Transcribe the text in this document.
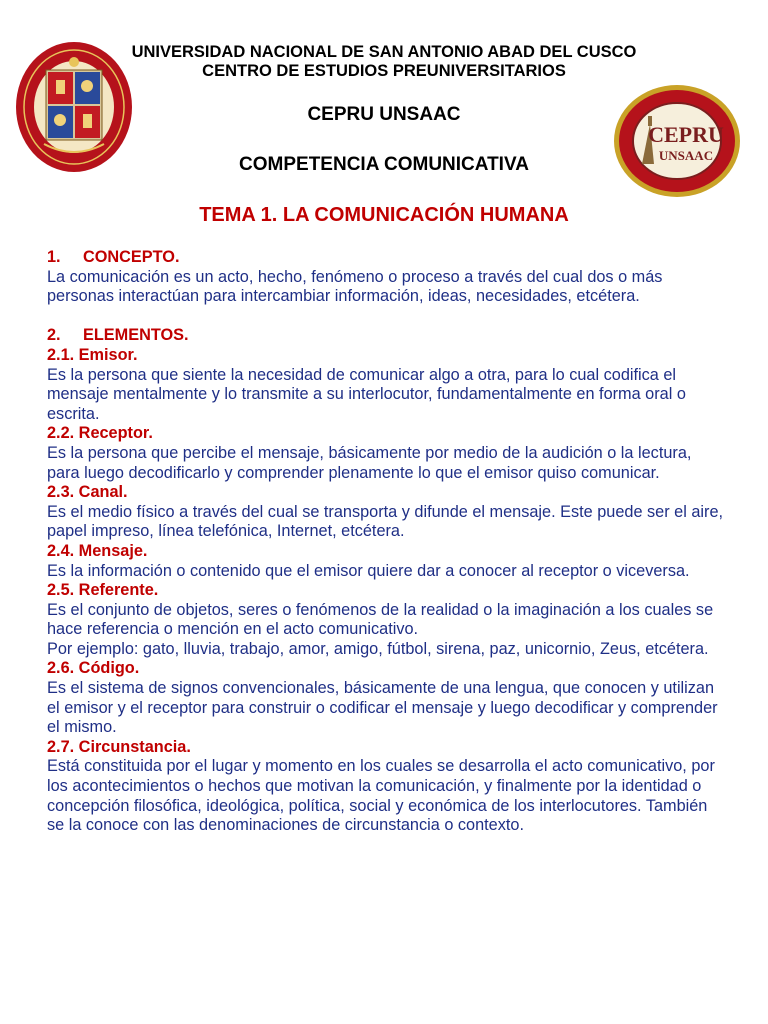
CEPRU
UNSAAC
UNIVERSIDAD NACIONAL DE SAN ANTONIO ABAD DEL CUSCO
CENTRO DE ESTUDIOS PREUNIVERSITARIOS
CEPRU UNSAAC
COMPETENCIA COMUNICATIVA
TEMA 1. LA COMUNICACIÓN HUMANA
1. CONCEPTO.
La comunicación es un acto, hecho, fenómeno o proceso a través del cual dos o más personas interactúan para intercambiar información, ideas, necesidades, etcétera.
2. ELEMENTOS.
2.1. Emisor.
Es la persona que siente la necesidad de comunicar algo a otra, para lo cual codifica el mensaje mentalmente y lo transmite a su interlocutor, fundamentalmente en forma oral o escrita.
2.2. Receptor.
Es la persona que percibe el mensaje, básicamente por medio de la audición o la lectura, para luego decodificarlo y comprender plenamente lo que el emisor quiso comunicar.
2.3. Canal.
Es el medio físico a través del cual se transporta y difunde el mensaje. Este puede ser el aire, papel impreso, línea telefónica, Internet, etcétera.
2.4. Mensaje.
Es la información o contenido que el emisor quiere dar a conocer al receptor o viceversa.
2.5. Referente.
Es el conjunto de objetos, seres o fenómenos de la realidad o la imaginación a los cuales se hace referencia o mención en el acto comunicativo.
Por ejemplo: gato, lluvia, trabajo, amor, amigo, fútbol, sirena, paz, unicornio, Zeus, etcétera.
2.6. Código.
Es el sistema de signos convencionales, básicamente de una lengua, que conocen y utilizan el emisor y el receptor para construir o codificar el mensaje y luego decodificar y comprender el mismo.
2.7. Circunstancia.
Está constituida por el lugar y momento en los cuales se desarrolla el acto comunicativo, por los acontecimientos o hechos que motivan la comunicación, y finalmente por la identidad o concepción filosófica, ideológica, política, social y económica de los interlocutores. También se la conoce con las denominaciones de circunstancia o contexto.
